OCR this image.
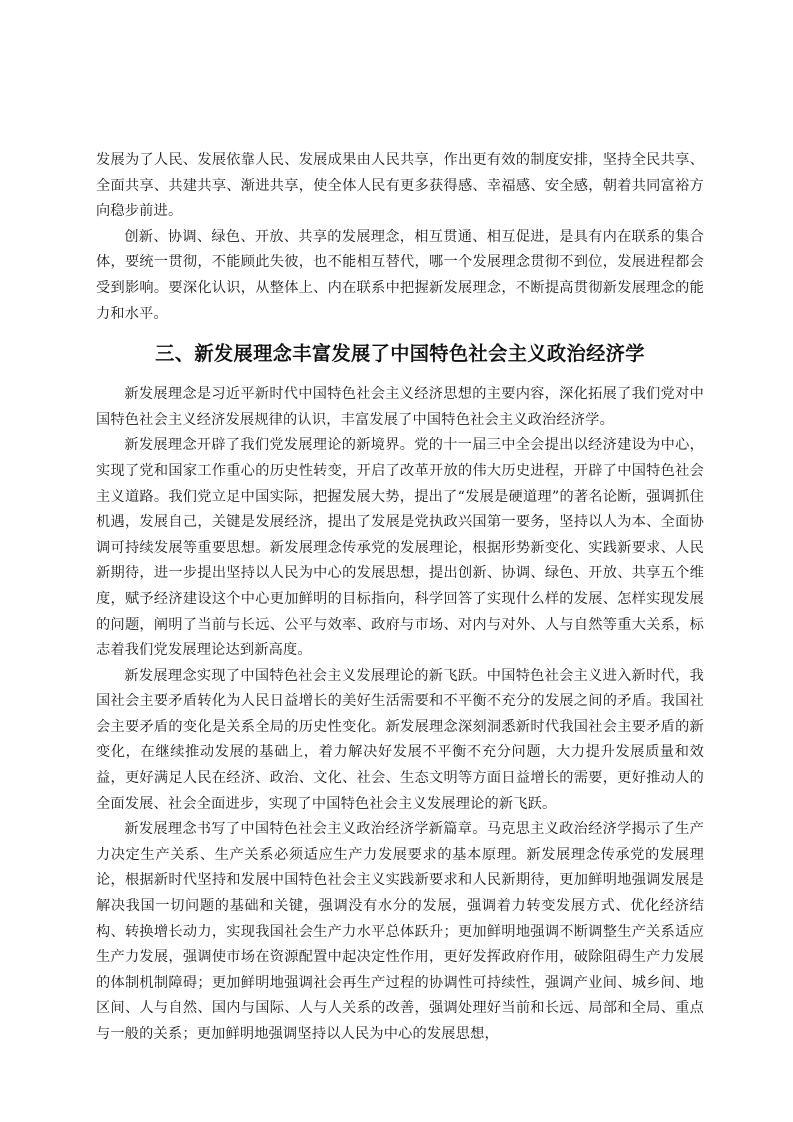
发展为了人民、发展依靠人民、发展成果由人民共享，作出更有效的制度安排，坚持全民共享、全面共享、共建共享、渐进共享，使全体人民有更多获得感、幸福感、安全感，朝着共同富裕方向稳步前进。

创新、协调、绿色、开放、共享的发展理念，相互贯通、相互促进，是具有内在联系的集合体，要统一贯彻，不能顾此失彼，也不能相互替代，哪一个发展理念贯彻不到位，发展进程都会受到影响。要深化认识，从整体上、内在联系中把握新发展理念，不断提高贯彻新发展理念的能力和水平。

三、新发展理念丰富发展了中国特色社会主义政治经济学

新发展理念是习近平新时代中国特色社会主义经济思想的主要内容，深化拓展了我们党对中国特色社会主义经济发展规律的认识，丰富发展了中国特色社会主义政治经济学。

新发展理念开辟了我们党发展理论的新境界。党的十一届三中全会提出以经济建设为中心，实现了党和国家工作重心的历史性转变，开启了改革开放的伟大历史进程，开辟了中国特色社会主义道路。我们党立足中国实际，把握发展大势，提出了“发展是硬道理”的著名论断，强调抓住机遇，发展自己，关键是发展经济，提出了发展是党执政兴国第一要务，坚持以人为本、全面协调可持续发展等重要思想。新发展理念传承党的发展理论，根据形势新变化、实践新要求、人民新期待，进一步提出坚持以人民为中心的发展思想，提出创新、协调、绿色、开放、共享五个维度，赋予经济建设这个中心更加鲜明的目标指向，科学回答了实现什么样的发展、怎样实现发展的问题，阐明了当前与长远、公平与效率、政府与市场、对内与对外、人与自然等重大关系，标志着我们党发展理论达到新高度。

新发展理念实现了中国特色社会主义发展理论的新飞跃。中国特色社会主义进入新时代，我国社会主要矛盾转化为人民日益增长的美好生活需要和不平衡不充分的发展之间的矛盾。我国社会主要矛盾的变化是关系全局的历史性变化。新发展理念深刻洞悉新时代我国社会主要矛盾的新变化，在继续推动发展的基础上，着力解决好发展不平衡不充分问题，大力提升发展质量和效益，更好满足人民在经济、政治、文化、社会、生态文明等方面日益增长的需要，更好推动人的全面发展、社会全面进步，实现了中国特色社会主义发展理论的新飞跃。

新发展理念书写了中国特色社会主义政治经济学新篇章。马克思主义政治经济学揭示了生产力决定生产关系、生产关系必须适应生产力发展要求的基本原理。新发展理念传承党的发展理论，根据新时代坚持和发展中国特色社会主义实践新要求和人民新期待，更加鲜明地强调发展是解决我国一切问题的基础和关键，强调没有水分的发展，强调着力转变发展方式、优化经济结构、转换增长动力，实现我国社会生产力水平总体跃升；更加鲜明地强调不断调整生产关系适应生产力发展，强调使市场在资源配置中起决定性作用，更好发挥政府作用，破除阻碍生产力发展的体制机制障碍；更加鲜明地强调社会再生产过程的协调性可持续性，强调产业间、城乡间、地区间、人与自然、国内与国际、人与人关系的改善，强调处理好当前和长远、局部和全局、重点与一般的关系；更加鲜明地强调坚持以人民为中心的发展思想，
